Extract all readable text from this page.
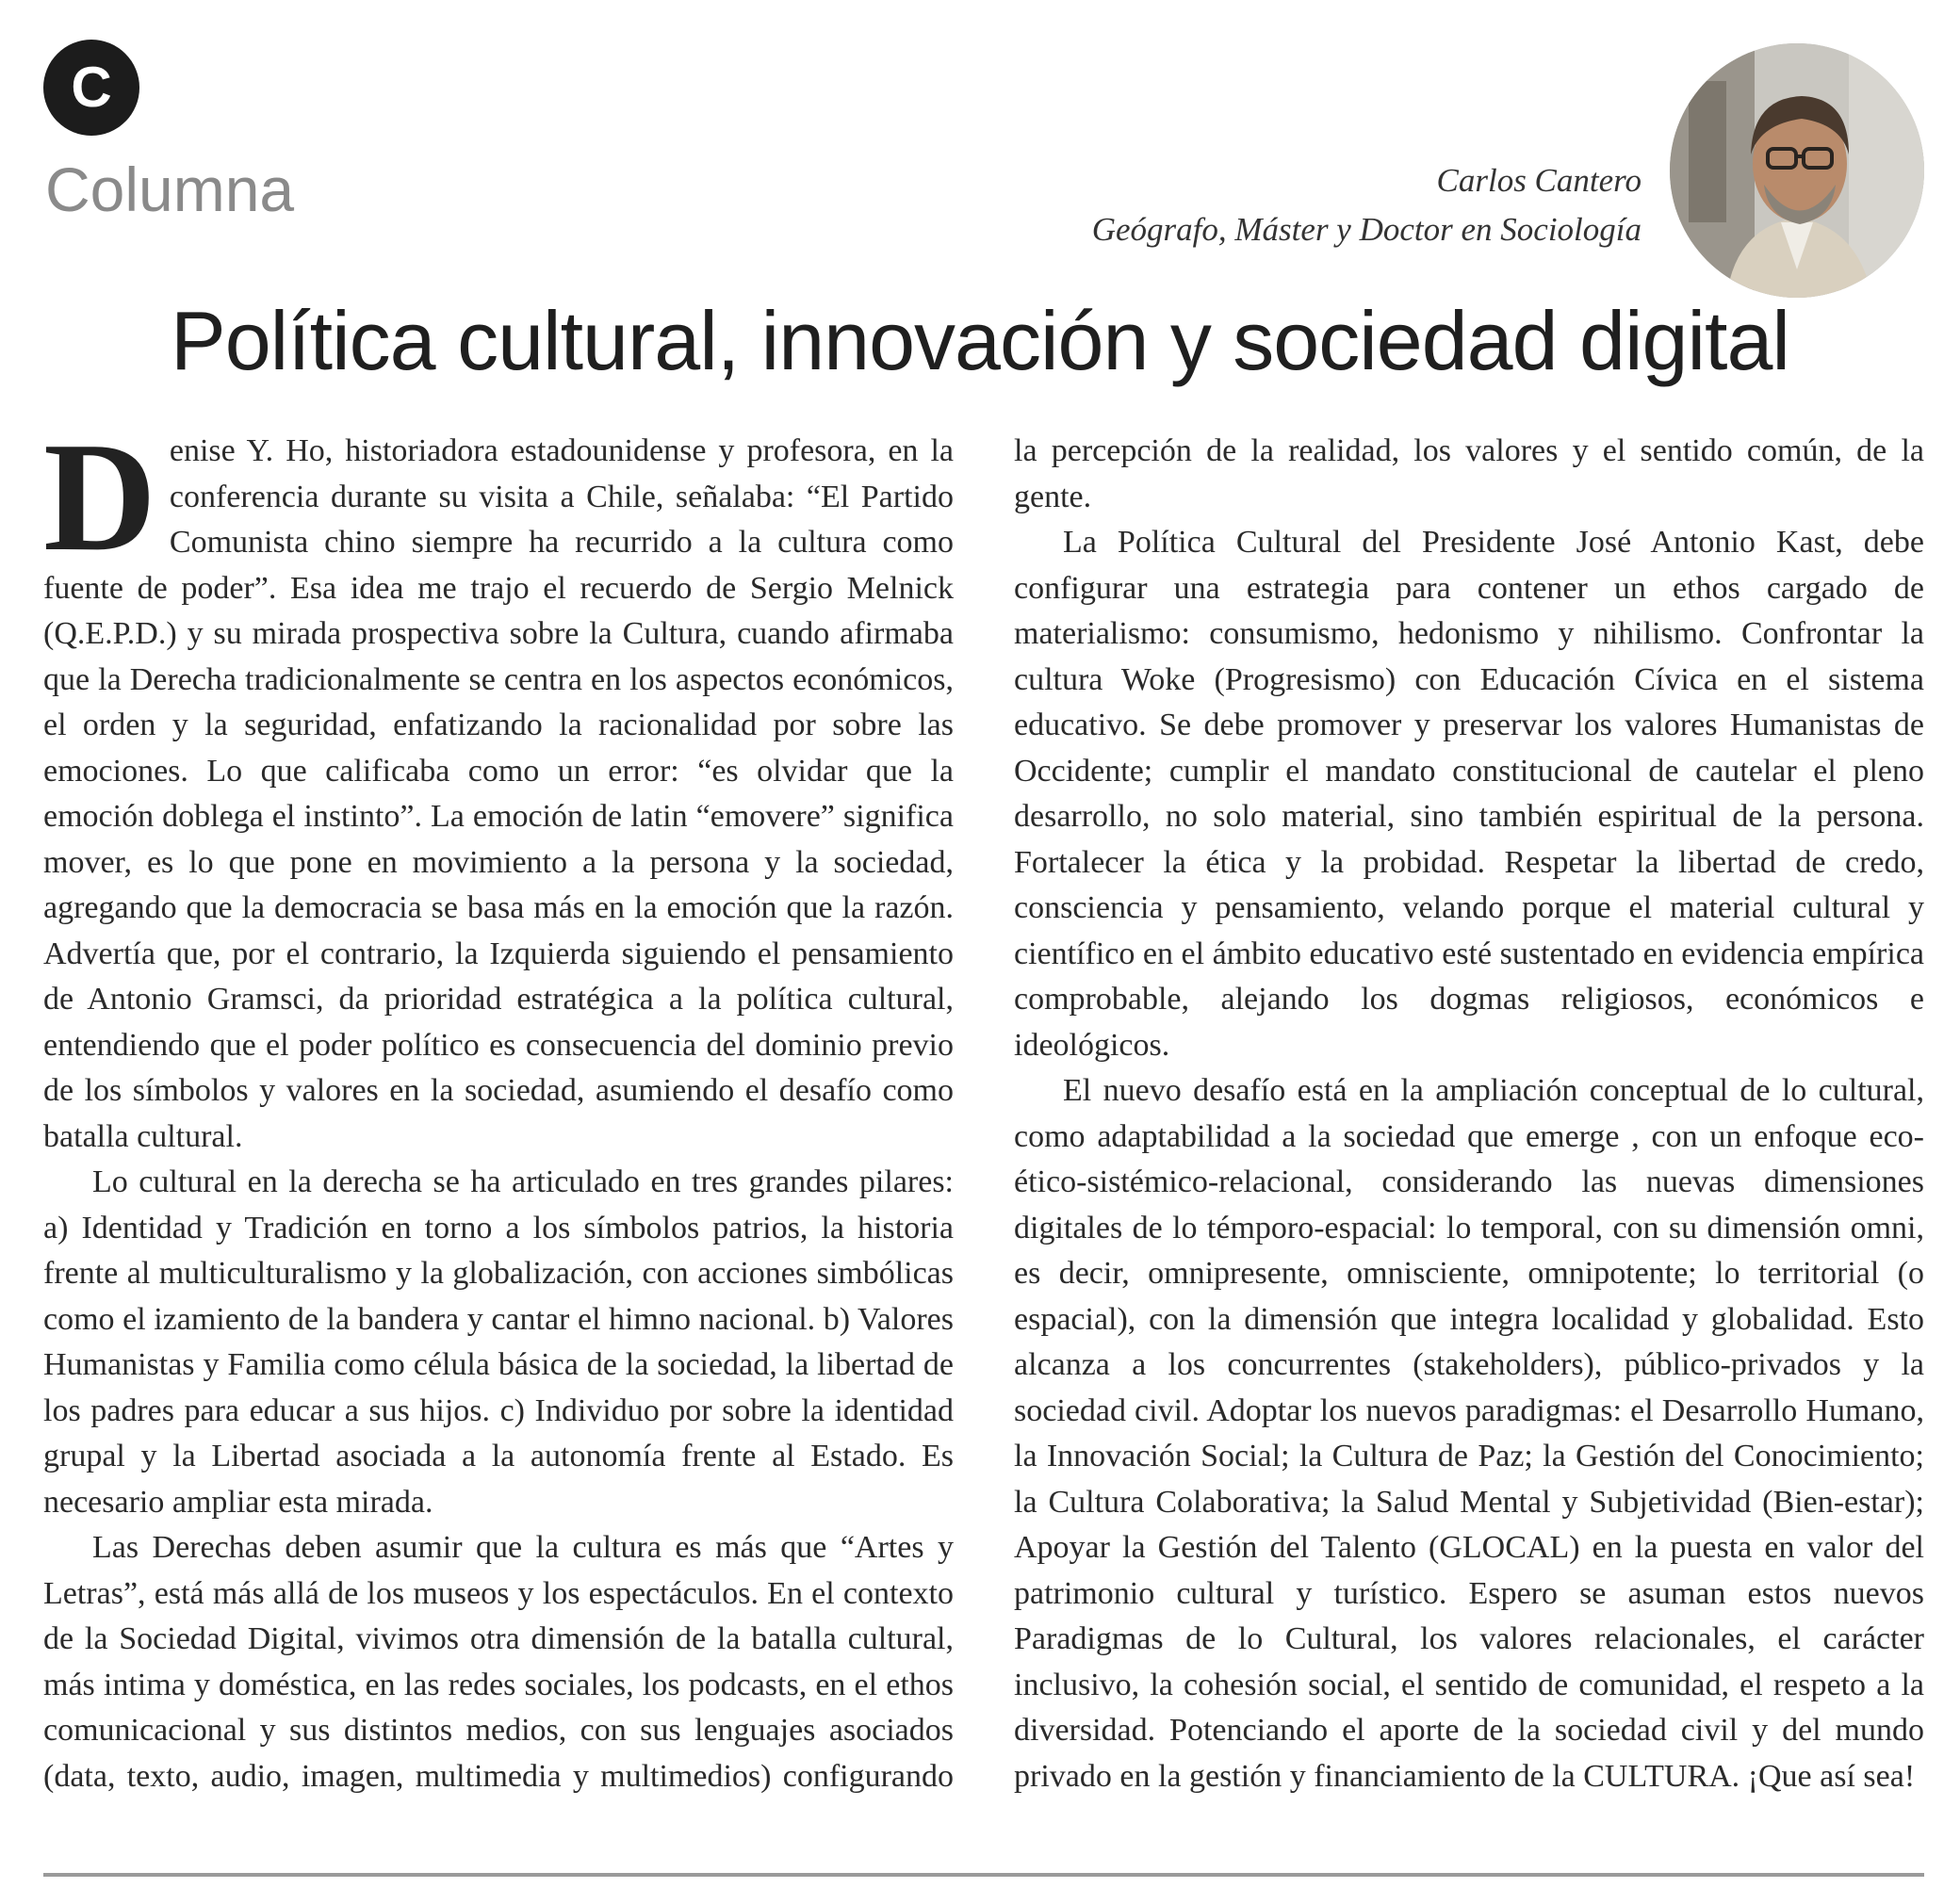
C
Columna	Carlos Cantero
Geógrafo, Máster y Doctor en Sociología
Política cultural, innovación y sociedad digital

Denise Y. Ho, historiadora estadounidense y profesora, en la conferencia durante su visita a Chile, señalaba: “El Partido Comunista chino siempre ha recurrido a la cultura como fuente de poder”. Esa idea me trajo el recuerdo de Sergio Melnick (Q.E.P.D.) y su mirada prospectiva sobre la Cultura, cuando afirmaba que la Derecha tradicionalmente se centra en los aspectos económicos, el orden y la seguridad, enfatizando la racionalidad por sobre las emociones. Lo que calificaba como un error: “es olvidar que la emoción doblega el instinto”. La emoción de latin “emovere” significa mover, es lo que pone en movimiento a la persona y la sociedad, agregando que la democracia se basa más en la emoción que la razón. Advertía que, por el contrario, la Izquierda siguiendo el pensamiento de Antonio Gramsci, da prioridad estratégica a la política cultural, entendiendo que el poder político es consecuencia del dominio previo de los símbolos y valores en la sociedad, asumiendo el desafío como batalla cultural.

Lo cultural en la derecha se ha articulado en tres grandes pilares: a) Identidad y Tradición en torno a los símbolos patrios, la historia frente al multiculturalismo y la globalización, con acciones simbólicas como el izamiento de la bandera y cantar el himno nacional. b) Valores Humanistas y Familia como célula básica de la sociedad, la libertad de los padres para educar a sus hijos. c) Individuo por sobre la identidad grupal y la Libertad asociada a la autonomía frente al Estado. Es necesario ampliar esta mirada.

Las Derechas deben asumir que la cultura es más que “Artes y Letras”, está más allá de los museos y los espectáculos. En el contexto de la Sociedad Digital, vivimos otra dimensión de la batalla cultural, más intima y doméstica, en las redes sociales, los podcasts, en el ethos comunicacional y sus distintos medios, con sus lenguajes asociados (data, texto, audio, imagen, multimedia y multimedios) configurando la percepción de la realidad, los valores y el sentido común, de la gente.

La Política Cultural del Presidente José Antonio Kast, debe configurar una estrategia para contener un ethos cargado de materialismo: consumismo, hedonismo y nihilismo. Confrontar la cultura Woke (Progresismo) con Educación Cívica en el sistema educativo. Se debe promover y preservar los valores Humanistas de Occidente; cumplir el mandato constitucional de cautelar el pleno desarrollo, no solo material, sino también espiritual de la persona. Fortalecer la ética y la probidad. Respetar la libertad de credo, consciencia y pensamiento, velando porque el material cultural y científico en el ámbito educativo esté sustentado en evidencia empírica comprobable, alejando los dogmas religiosos, económicos e ideológicos.

El nuevo desafío está en la ampliación conceptual de lo cultural, como adaptabilidad a la sociedad que emerge , con un enfoque eco-ético-sistémico-relacional, considerando las nuevas dimensiones digitales de lo témporo-espacial: lo temporal, con su dimensión omni, es decir, omnipresente, omnisciente, omnipotente; lo territorial (o espacial), con la dimensión que integra localidad y globalidad. Esto alcanza a los concurrentes (stakeholders), público-privados y la sociedad civil. Adoptar los nuevos paradigmas: el Desarrollo Humano, la Innovación Social; la Cultura de Paz; la Gestión del Conocimiento; la Cultura Colaborativa; la Salud Mental y Subjetividad (Bien-estar); Apoyar la Gestión del Talento (GLOCAL) en la puesta en valor del patrimonio cultural y turístico. Espero se asuman estos nuevos Paradigmas de lo Cultural, los valores relacionales, el carácter inclusivo, la cohesión social, el sentido de comunidad, el respeto a la diversidad. Potenciando el aporte de la sociedad civil y del mundo privado en la gestión y financiamiento de la CULTURA. ¡Que así sea!
